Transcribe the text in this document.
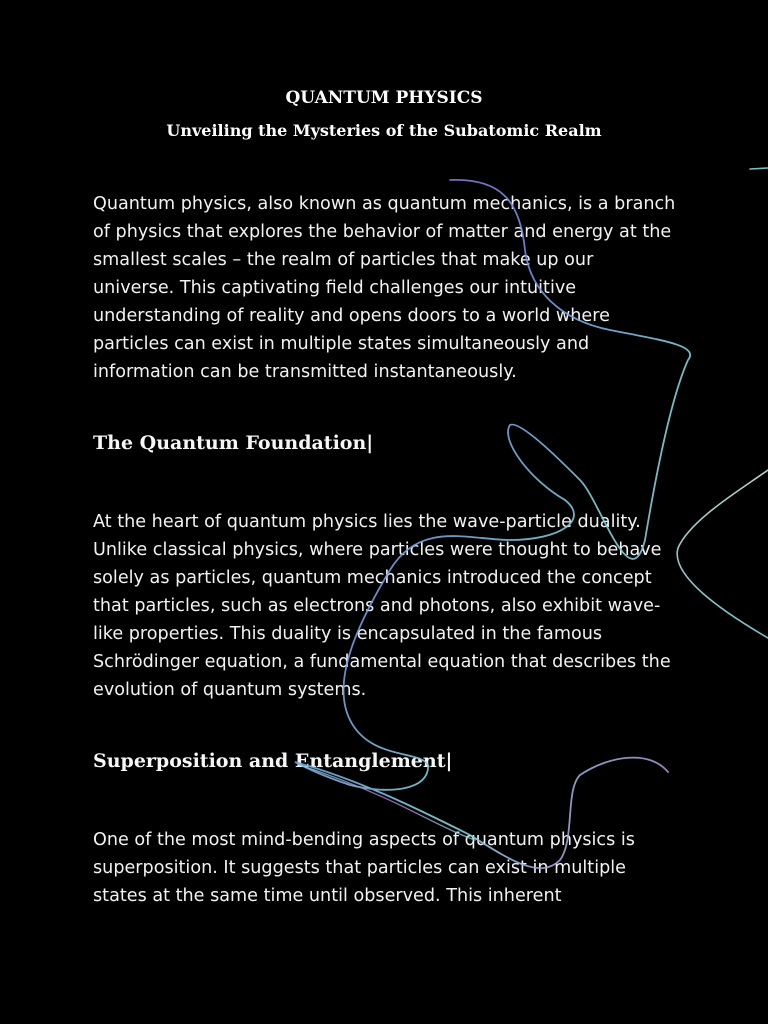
QUANTUM PHYSICS
Unveiling the Mysteries of the Subatomic Realm

Quantum physics, also known as quantum mechanics, is a branch of physics that explores the behavior of matter and energy at the smallest scales – the realm of particles that make up our universe. This captivating field challenges our intuitive understanding of reality and opens doors to a world where particles can exist in multiple states simultaneously and information can be transmitted instantaneously.

The Quantum Foundation|

At the heart of quantum physics lies the wave-particle duality. Unlike classical physics, where particles were thought to behave solely as particles, quantum mechanics introduced the concept that particles, such as electrons and photons, also exhibit wave-like properties. This duality is encapsulated in the famous Schrödinger equation, a fundamental equation that describes the evolution of quantum systems.

Superposition and Entanglement|

One of the most mind-bending aspects of quantum physics is superposition. It suggests that particles can exist in multiple states at the same time until observed. This inherent
